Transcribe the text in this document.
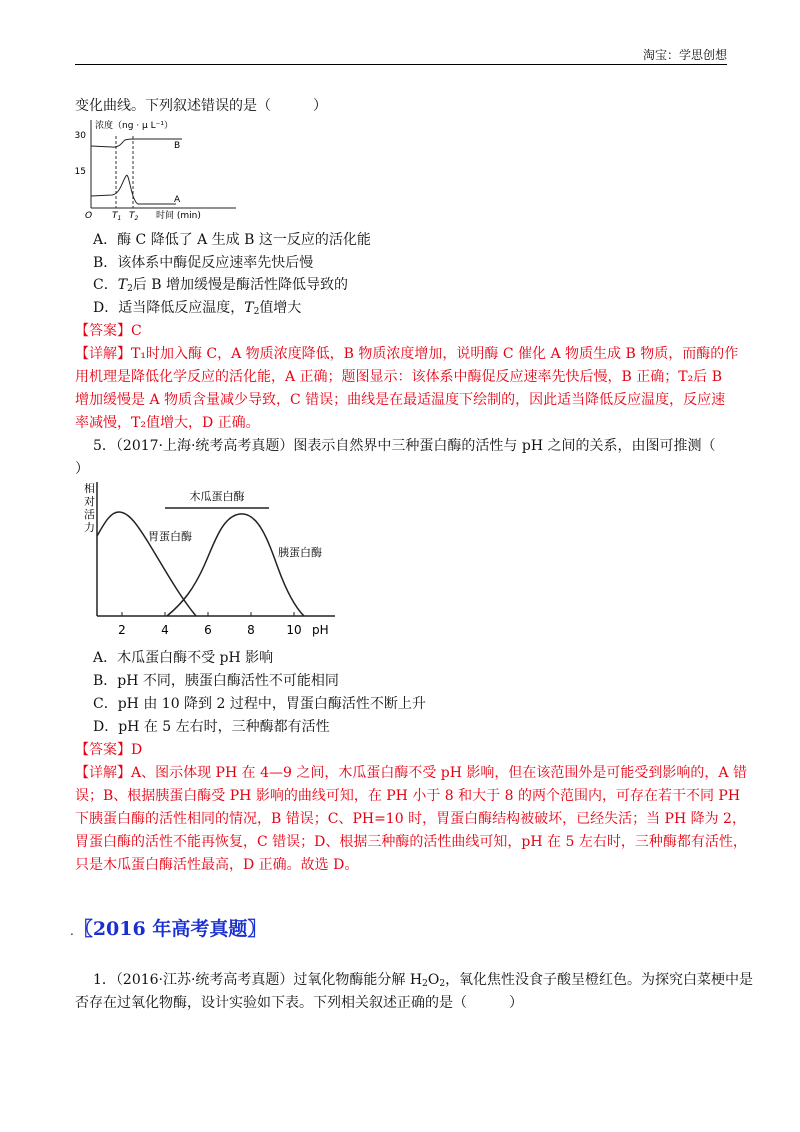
淘宝：学思创想
变化曲线。下列叙述错误的是（　　　）
浓度（ng · μ L⁻¹）
30
15
O
B
A
$T_1$ $T_2$ 时间 (min)
A．酶 C 降低了 A 生成 B 这一反应的活化能
B．该体系中酶促反应速率先快后慢
C．$T_2$后 B 增加缓慢是酶活性降低导致的
D．适当降低反应温度，$T_2$值增大
【答案】C
【详解】T₁时加入酶 C，A 物质浓度降低，B 物质浓度增加，说明酶 C 催化 A 物质生成 B 物质，而酶的作
用机理是降低化学反应的活化能，A 正确；题图显示：该体系中酶促反应速率先快后慢，B 正确；T₂后 B
增加缓慢是 A 物质含量减少导致，C 错误；曲线是在最适温度下绘制的，因此适当降低反应温度，反应速
率减慢，T₂值增大，D 正确。
5．（2017·上海·统考高考真题）图表示自然界中三种蛋白酶的活性与 pH 之间的关系，由图可推测（
）
相
对
活
力
2	4	6	8	10 pH
木瓜蛋白酶
胃蛋白酶
胰蛋白酶
A．木瓜蛋白酶不受 pH 影响
B．pH 不同，胰蛋白酶活性不可能相同
C．pH 由 10 降到 2 过程中，胃蛋白酶活性不断上升
D．pH 在 5 左右时，三种酶都有活性
【答案】D
【详解】A、图示体现 PH 在 4—9 之间，木瓜蛋白酶不受 pH 影响，但在该范围外是可能受到影响的，A 错
误；B、根据胰蛋白酶受 PH 影响的曲线可知，在 PH 小于 8 和大于 8 的两个范围内，可存在若干不同 PH
下胰蛋白酶的活性相同的情况，B 错误；C、PH=10 时，胃蛋白酶结构被破坏，已经失活；当 PH 降为 2，
胃蛋白酶的活性不能再恢复，C 错误；D、根据三种酶的活性曲线可知，pH 在 5 左右时，三种酶都有活性，
只是木瓜蛋白酶活性最高，D 正确。故选 D。
.〖2016 年高考真题〗
1．（2016·江苏·统考高考真题）过氧化物酶能分解 $H_2O_2$，氧化焦性没食子酸呈橙红色。为探究白菜梗中是
否存在过氧化物酶，设计实验如下表。下列相关叙述正确的是（　　　）
